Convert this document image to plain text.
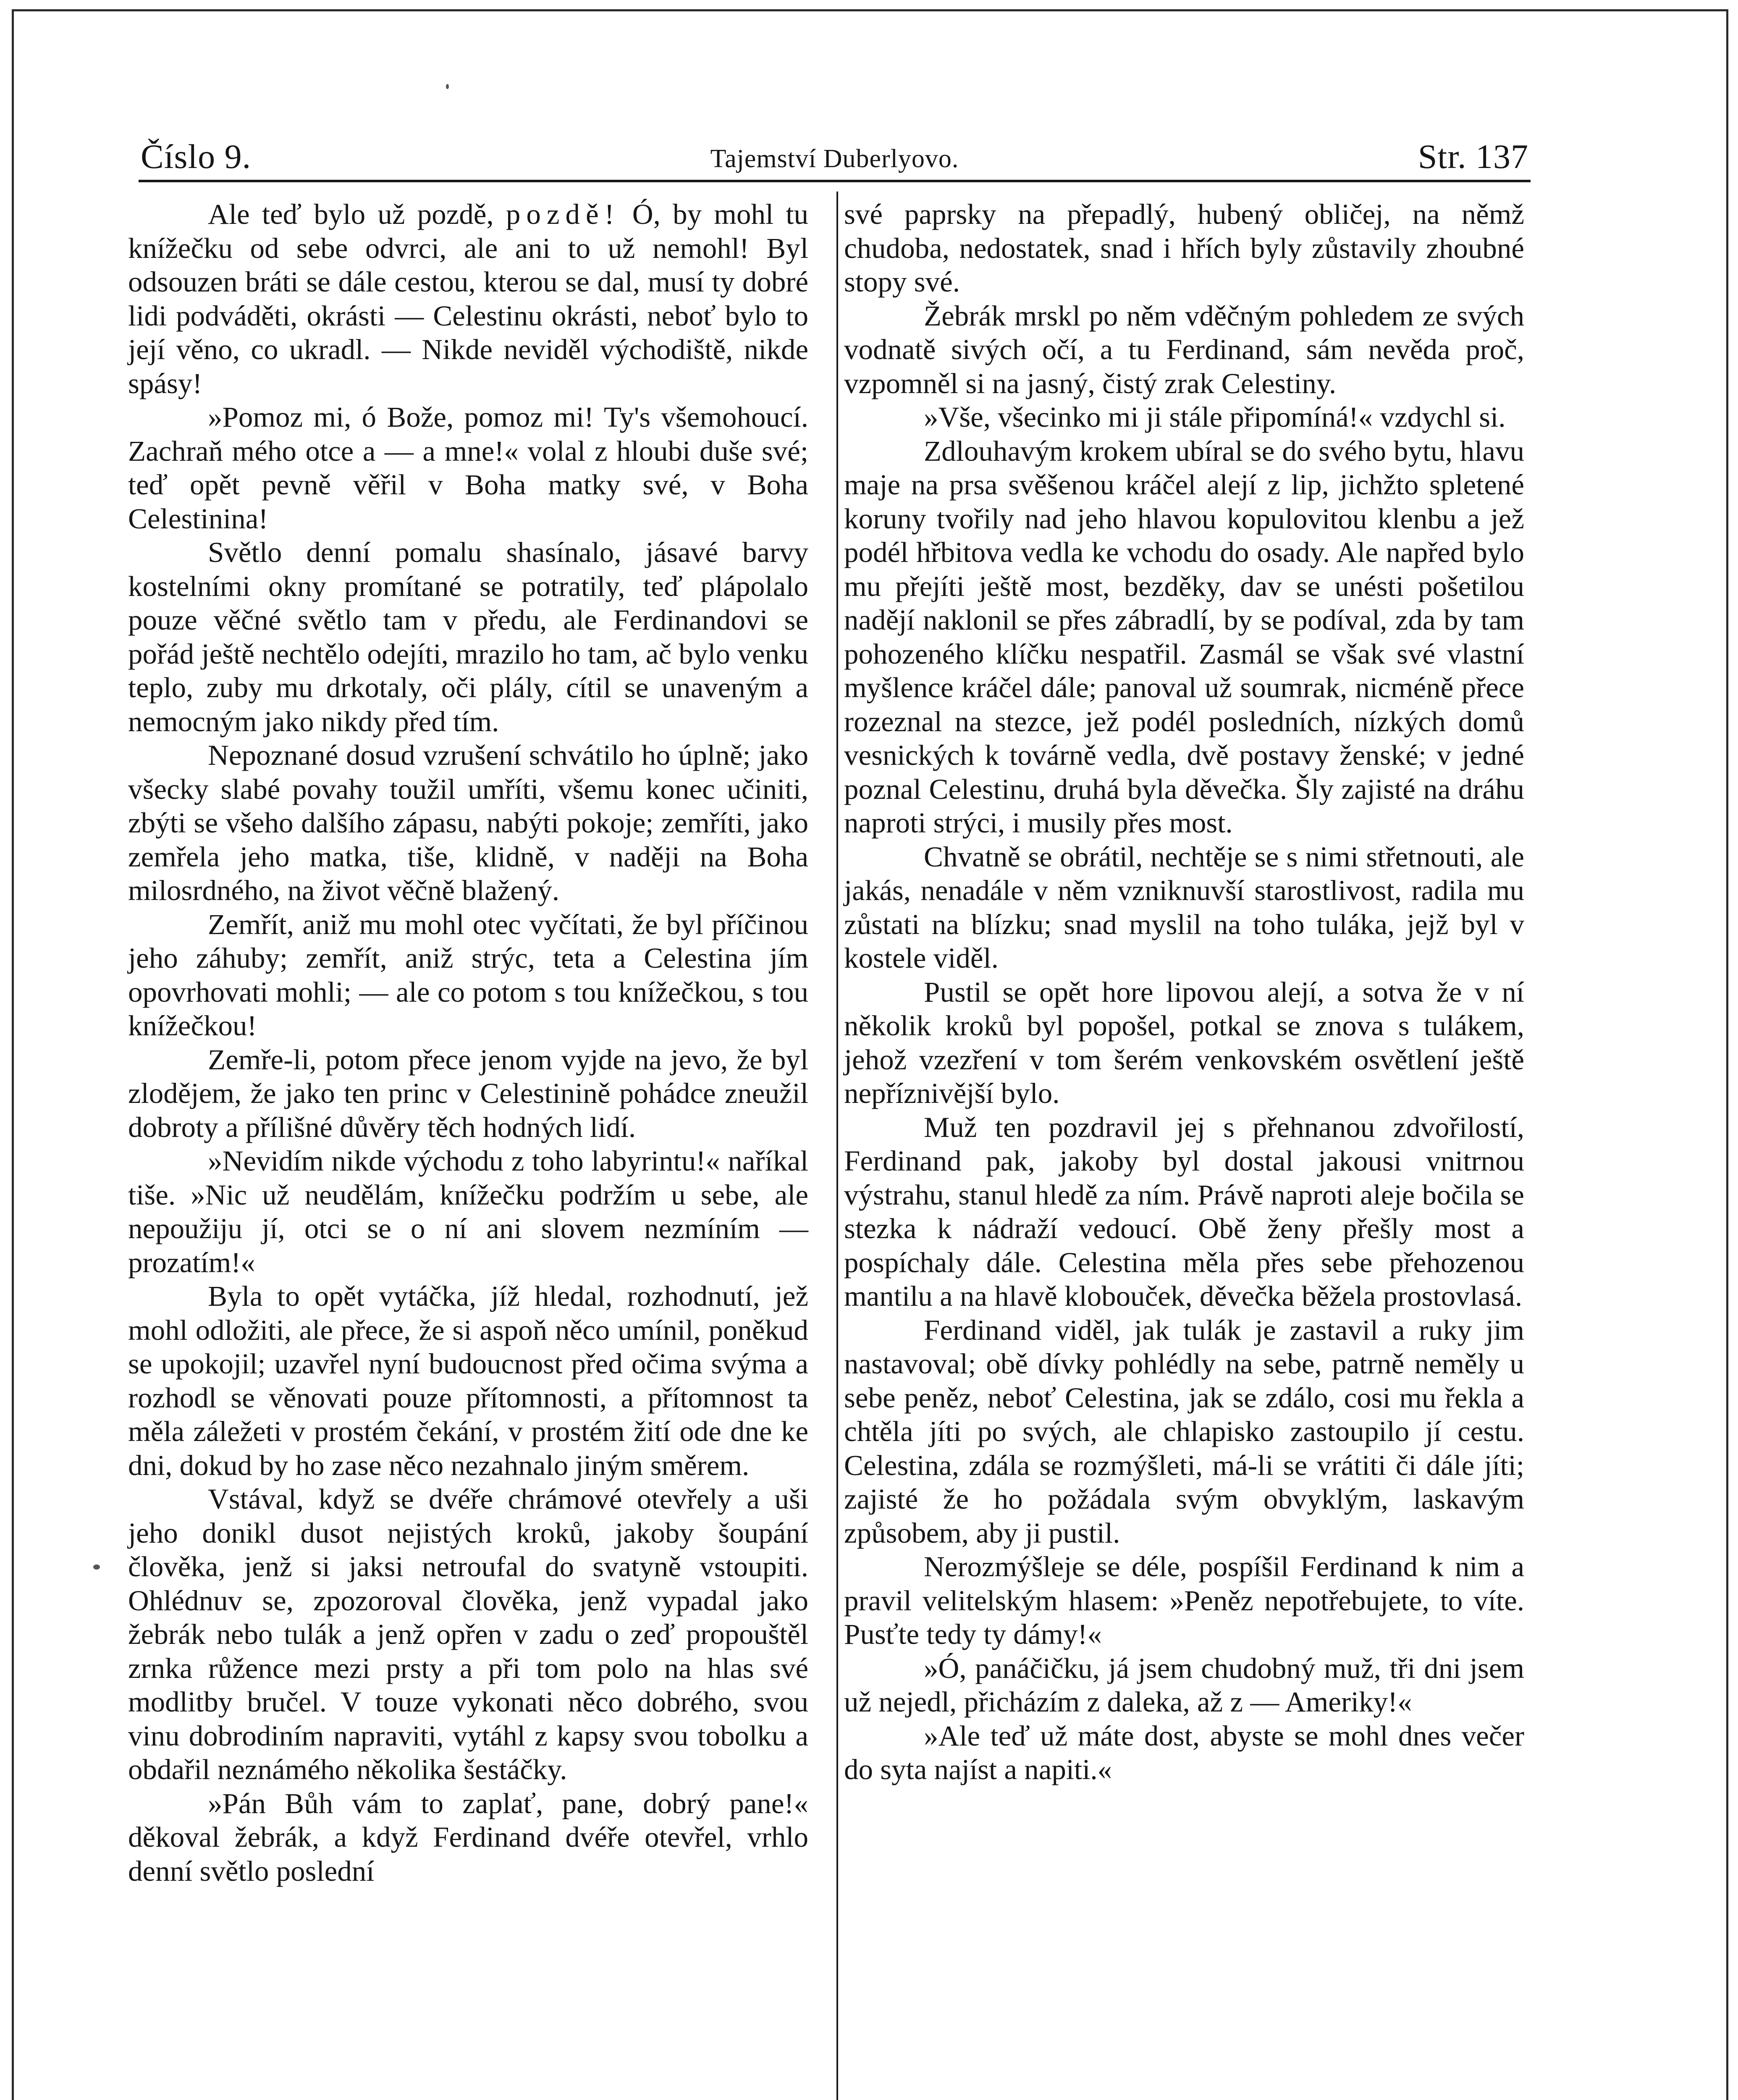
Číslo 9.	Tajemství Duberlyovo.	Str. 137

Ale teď bylo už pozdě, pozdě! Ó, by mohl tu knížečku od sebe odvrci, ale ani to už nemohl! Byl odsouzen bráti se dále cestou, kterou se dal, musí ty dobré lidi podváděti, okrásti — Celestinu okrásti, neboť bylo to její věno, co ukradl. — Nikde neviděl východiště, nikde spásy!

»Pomoz mi, ó Bože, pomoz mi! Ty's všemohoucí. Zachraň mého otce a — a mne!« volal z hloubi duše své; teď opět pevně věřil v Boha matky své, v Boha Celestinina!

Světlo denní pomalu shasínalo, jásavé barvy kostelními okny promítané se potratily, teď plápolalo pouze věčné světlo tam v předu, ale Ferdinandovi se pořád ještě nechtělo odejíti, mrazilo ho tam, ač bylo venku teplo, zuby mu drkotaly, oči plály, cítil se unaveným a nemocným jako nikdy před tím.

Nepoznané dosud vzrušení schvátilo ho úplně; jako všecky slabé povahy toužil umříti, všemu konec učiniti, zbýti se všeho dalšího zápasu, nabýti pokoje; zemříti, jako zemřela jeho matka, tiše, klidně, v naději na Boha milosrdného, na život věčně blažený.

Zemřít, aniž mu mohl otec vyčítati, že byl příčinou jeho záhuby; zemřít, aniž strýc, teta a Celestina jím opovrhovati mohli; — ale co potom s tou knížečkou, s tou knížečkou!

Zemře-li, potom přece jenom vyjde na jevo, že byl zlodějem, že jako ten princ v Celestinině pohádce zneužil dobroty a přílišné důvěry těch hodných lidí.

»Nevidím nikde východu z toho labyrintu!« naříkal tiše. »Nic už neudělám, knížečku podržím u sebe, ale nepoužiju jí, otci se o ní ani slovem nezmíním — prozatím!«

Byla to opět vytáčka, jíž hledal, rozhodnutí, jež mohl odložiti, ale přece, že si aspoň něco umínil, poněkud se upokojil; uzavřel nyní budoucnost před očima svýma a rozhodl se věnovati pouze přítomnosti, a přítomnost ta měla záležeti v prostém čekání, v prostém žití ode dne ke dni, dokud by ho zase něco nezahnalo jiným směrem.

Vstával, když se dvéře chrámové otevřely a uši jeho donikl dusot nejistých kroků, jakoby šoupání člověka, jenž si jaksi netroufal do svatyně vstoupiti. Ohlédnuv se, zpozoroval člověka, jenž vypadal jako žebrák nebo tulák a jenž opřen v zadu o zeď propouštěl zrnka růžence mezi prsty a při tom polo na hlas své modlitby bručel. V touze vykonati něco dobrého, svou vinu dobrodiním napraviti, vytáhl z kapsy svou tobolku a obdařil neznámého několika šestáčky.

»Pán Bůh vám to zaplať, pane, dobrý pane!« děkoval žebrák, a když Ferdinand dvéře otevřel, vrhlo denní světlo poslední

své paprsky na přepadlý, hubený obličej, na němž chudoba, nedostatek, snad i hřích byly zůstavily zhoubné stopy své.

Žebrák mrskl po něm vděčným pohledem ze svých vodnatě sivých očí, a tu Ferdinand, sám nevěda proč, vzpomněl si na jasný, čistý zrak Celestiny.

»Vše, všecinko mi ji stále připomíná!« vzdychl si.

Zdlouhavým krokem ubíral se do svého bytu, hlavu maje na prsa svěšenou kráčel alejí z lip, jichžto spletené koruny tvořily nad jeho hlavou kopulovitou klenbu a jež podél hřbitova vedla ke vchodu do osady. Ale napřed bylo mu přejíti ještě most, bezděky, dav se unésti pošetilou nadějí naklonil se přes zábradlí, by se podíval, zda by tam pohozeného klíčku nespatřil. Zasmál se však své vlastní myšlence kráčel dále; panoval už soumrak, nicméně přece rozeznal na stezce, jež podél posledních, nízkých domů vesnických k továrně vedla, dvě postavy ženské; v jedné poznal Celestinu, druhá byla děvečka. Šly zajisté na dráhu naproti strýci, i musily přes most.

Chvatně se obrátil, nechtěje se s nimi střetnouti, ale jakás, nenadále v něm vzniknuvší starostlivost, radila mu zůstati na blízku; snad myslil na toho tuláka, jejž byl v kostele viděl.

Pustil se opět hore lipovou alejí, a sotva že v ní několik kroků byl popošel, potkal se znova s tulákem, jehož vzezření v tom šerém venkovském osvětlení ještě nepříznivější bylo.

Muž ten pozdravil jej s přehnanou zdvořilostí, Ferdinand pak, jakoby byl dostal jakousi vnitrnou výstrahu, stanul hledě za ním. Právě naproti aleje bočila se stezka k nádraží vedoucí. Obě ženy přešly most a pospíchaly dále. Celestina měla přes sebe přehozenou mantilu a na hlavě klobouček, děvečka běžela prostovlasá.

Ferdinand viděl, jak tulák je zastavil a ruky jim nastavoval; obě dívky pohlédly na sebe, patrně neměly u sebe peněz, neboť Celestina, jak se zdálo, cosi mu řekla a chtěla jíti po svých, ale chlapisko zastoupilo jí cestu. Celestina, zdála se rozmýšleti, má-li se vrátiti či dále jíti; zajisté že ho požádala svým obvyklým, laskavým způsobem, aby ji pustil.

Nerozmýšleje se déle, pospíšil Ferdinand k nim a pravil velitelským hlasem: »Peněz nepotřebujete, to víte. Pusťte tedy ty dámy!«

»Ó, panáčičku, já jsem chudobný muž, tři dni jsem už nejedl, přicházím z daleka, až z — Ameriky!«

»Ale teď už máte dost, abyste se mohl dnes večer do syta najíst a napiti.«
